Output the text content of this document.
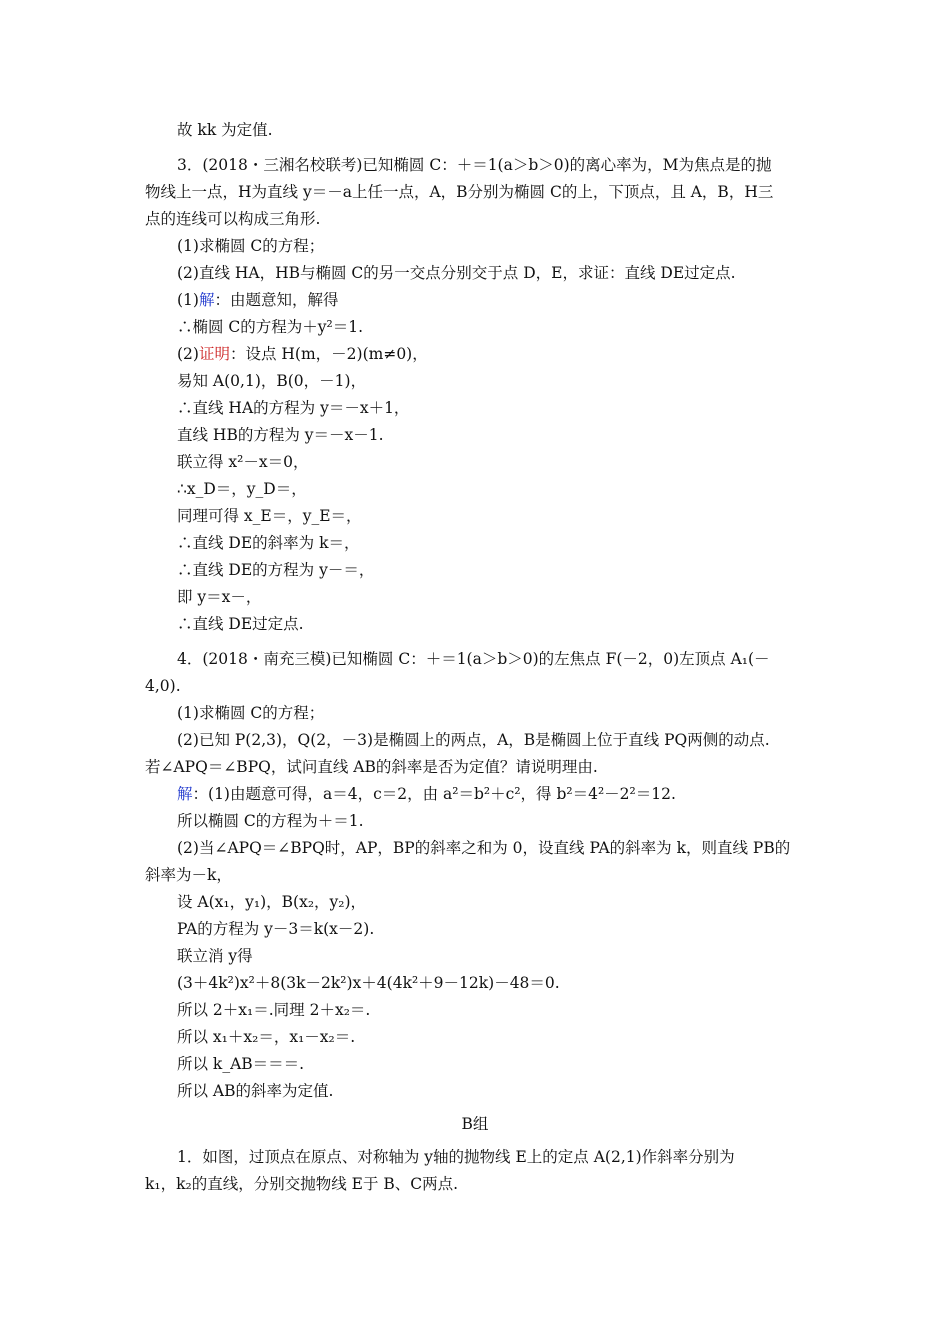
故 kk 为定值.
3．(2018・三湘名校联考)已知椭圆 C：＋＝1(a＞b＞0)的离心率为，M为焦点是的抛
物线上一点，H为直线 y＝－a上任一点，A，B分别为椭圆 C的上，下顶点，且 A，B，H三
点的连线可以构成三角形.
(1)求椭圆 C的方程；
(2)直线 HA，HB与椭圆 C的另一交点分别交于点 D，E，求证：直线 DE过定点.
(1)解：由题意知，解得
∴椭圆 C的方程为＋y²＝1.
(2)证明：设点 H(m，－2)(m≠0)，
易知 A(0,1)，B(0，－1)，
∴直线 HA的方程为 y＝－x＋1，
直线 HB的方程为 y＝－x－1.
联立得 x²－x＝0，
∴x_D＝，y_D＝，
同理可得 x_E＝，y_E＝，
∴直线 DE的斜率为 k＝，
∴直线 DE的方程为 y－＝，
即 y＝x－，
∴直线 DE过定点.
4．(2018・南充三模)已知椭圆 C：＋＝1(a＞b＞0)的左焦点 F(－2，0)左顶点 A₁(－
4,0).
(1)求椭圆 C的方程；
(2)已知 P(2,3)，Q(2，－3)是椭圆上的两点，A，B是椭圆上位于直线 PQ两侧的动点.
若∠APQ＝∠BPQ，试问直线 AB的斜率是否为定值？请说明理由.
解：(1)由题意可得，a＝4，c＝2，由 a²＝b²＋c²，得 b²＝4²－2²＝12.
所以椭圆 C的方程为＋＝1.
(2)当∠APQ＝∠BPQ时，AP，BP的斜率之和为 0，设直线 PA的斜率为 k，则直线 PB的
斜率为－k，
设 A(x₁，y₁)，B(x₂，y₂)，
PA的方程为 y－3＝k(x－2).
联立消 y得
(3＋4k²)x²＋8(3k－2k²)x＋4(4k²＋9－12k)－48＝0.
所以 2＋x₁＝.同理 2＋x₂＝.
所以 x₁＋x₂＝，x₁－x₂＝.
所以 k_AB＝＝＝.
所以 AB的斜率为定值.
B组
1．如图，过顶点在原点、对称轴为 y轴的抛物线 E上的定点 A(2,1)作斜率分别为
k₁，k₂的直线，分别交抛物线 E于 B、C两点.
